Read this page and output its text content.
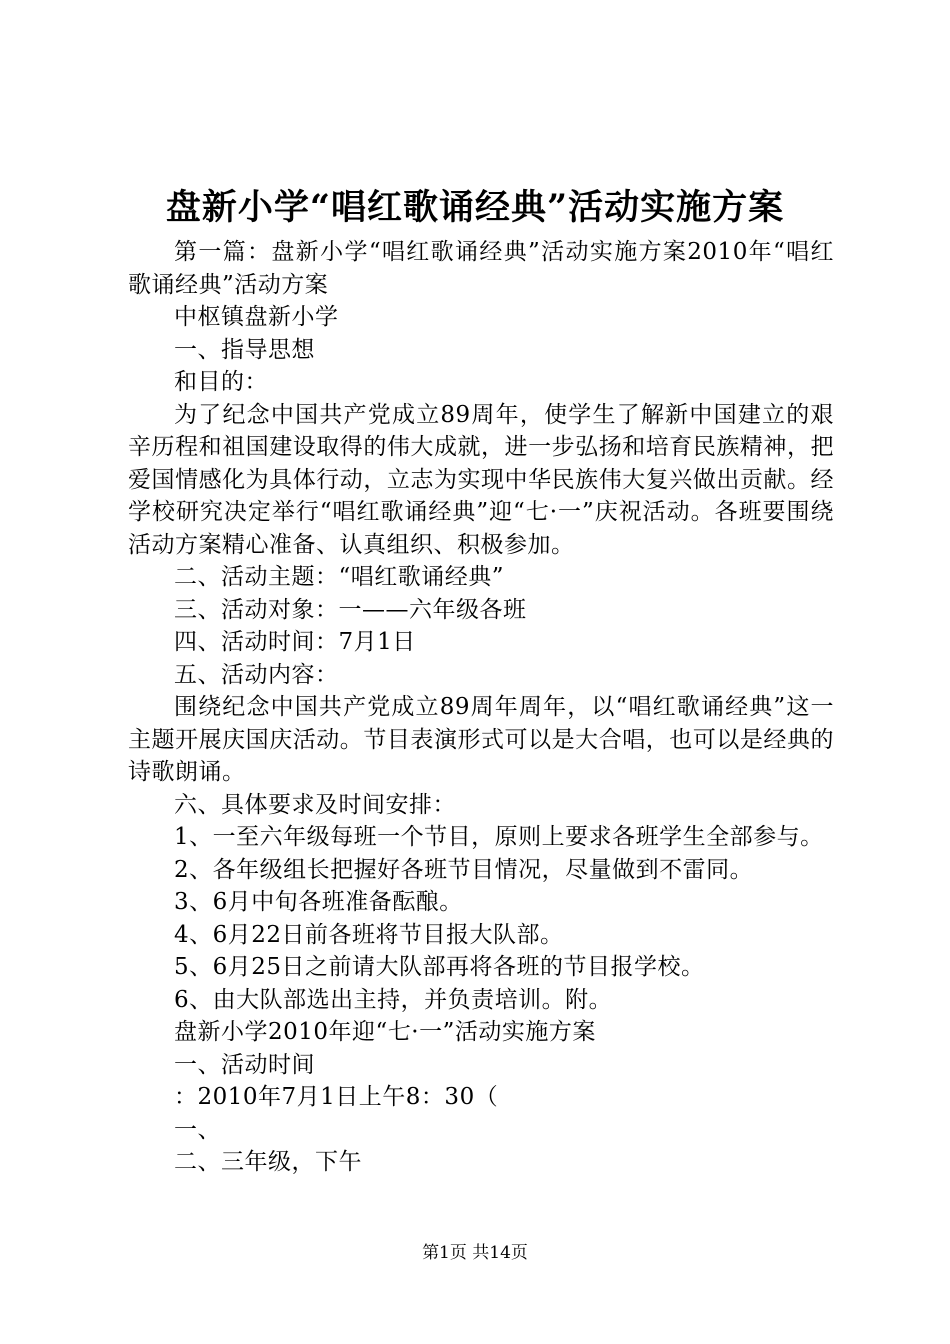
盘新小学“唱红歌诵经典”活动实施方案

第一篇：盘新小学“唱红歌诵经典”活动实施方案2010年“唱红歌诵经典”活动方案

中枢镇盘新小学

一、指导思想

和目的：

为了纪念中国共产党成立89周年，使学生了解新中国建立的艰辛历程和祖国建设取得的伟大成就，进一步弘扬和培育民族精神，把爱国情感化为具体行动，立志为实现中华民族伟大复兴做出贡献。经学校研究决定举行“唱红歌诵经典”迎“七·一”庆祝活动。各班要围绕活动方案精心准备、认真组织、积极参加。

二、活动主题：“唱红歌诵经典”

三、活动对象：一——六年级各班

四、活动时间：7月1日

五、活动内容：

围绕纪念中国共产党成立89周年周年，以“唱红歌诵经典”这一主题开展庆国庆活动。节目表演形式可以是大合唱，也可以是经典的诗歌朗诵。

六、具体要求及时间安排：

1、一至六年级每班一个节目，原则上要求各班学生全部参与。

2、各年级组长把握好各班节目情况，尽量做到不雷同。

3、6月中旬各班准备酝酿。

4、6月22日前各班将节目报大队部。

5、6月25日之前请大队部再将各班的节目报学校。

6、由大队部选出主持，并负责培训。附。

盘新小学2010年迎“七·一”活动实施方案

一、活动时间

：2010年7月1日上午8：30（

一、

二、三年级，下午

第1页 共14页
